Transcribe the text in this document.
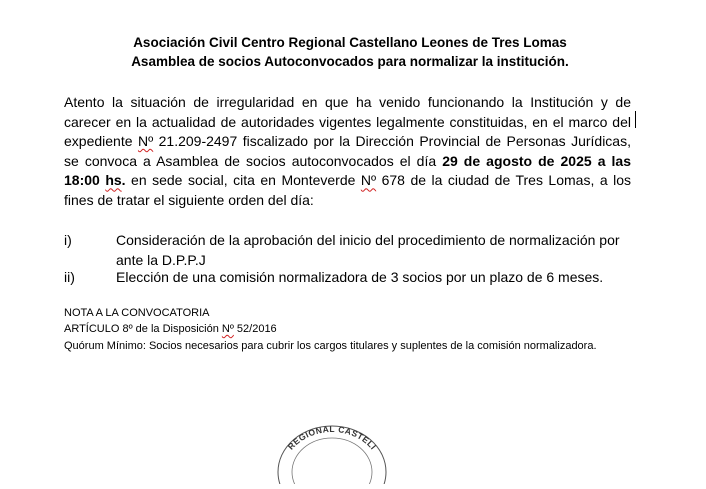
Asociación Civil Centro Regional Castellano Leones de Tres Lomas
Asamblea de socios Autoconvocados para normalizar la institución.
Atento la situación de irregularidad en que ha venido funcionando la Institución y de carecer en la actualidad de autoridades vigentes legalmente constituidas, en el marco del expediente Nº 21.209-2497 fiscalizado por la Dirección Provincial de Personas Jurídicas, se convoca a Asamblea de socios autoconvocados el día 29 de agosto de 2025 a las 18:00 hs. en sede social, cita en Monteverde Nº 678 de la ciudad de Tres Lomas, a los fines de tratar el siguiente orden del día:
i)	Consideración de la aprobación del inicio del procedimiento de normalización por ante la D.P.P.J
ii)	Elección de una comisión normalizadora de 3 socios por un plazo de 6 meses.
NOTA A LA CONVOCATORIA
ARTÍCULO 8º de la Disposición Nº 52/2016
Quórum Mínimo: Socios necesarios para cubrir los cargos titulares y suplentes de la comisión normalizadora.
REGIONAL CASTELI
